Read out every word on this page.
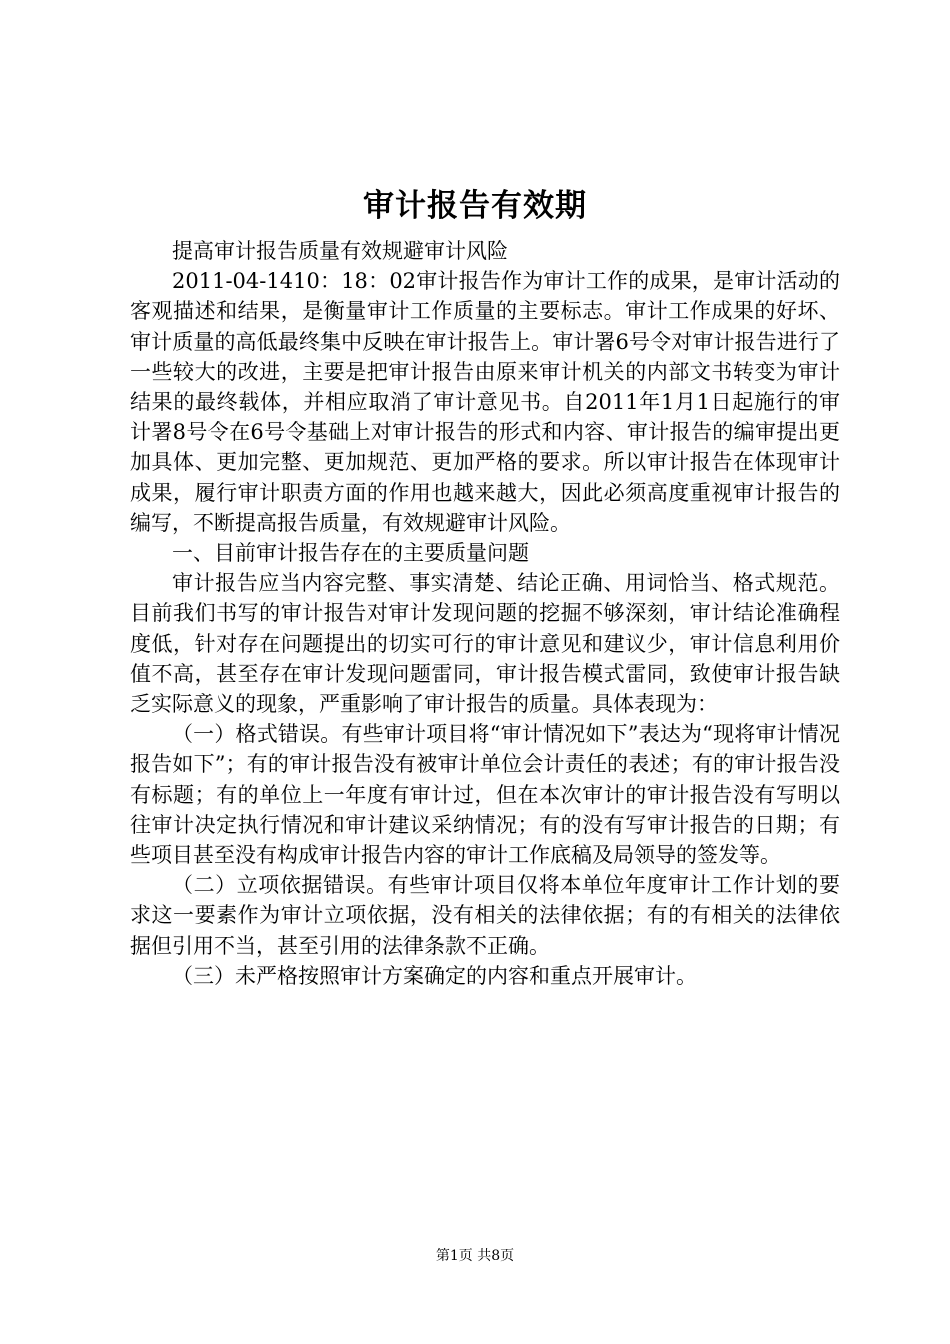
审计报告有效期

提高审计报告质量有效规避审计风险

2011-04-1410：18：02审计报告作为审计工作的成果，是审计活动的客观描述和结果，是衡量审计工作质量的主要标志。审计工作成果的好坏、审计质量的高低最终集中反映在审计报告上。审计署6号令对审计报告进行了一些较大的改进，主要是把审计报告由原来审计机关的内部文书转变为审计结果的最终载体，并相应取消了审计意见书。自2011年1月1日起施行的审计署8号令在6号令基础上对审计报告的形式和内容、审计报告的编审提出更加具体、更加完整、更加规范、更加严格的要求。所以审计报告在体现审计成果，履行审计职责方面的作用也越来越大，因此必须高度重视审计报告的编写，不断提高报告质量，有效规避审计风险。

一、目前审计报告存在的主要质量问题

审计报告应当内容完整、事实清楚、结论正确、用词恰当、格式规范。目前我们书写的审计报告对审计发现问题的挖掘不够深刻，审计结论准确程度低，针对存在问题提出的切实可行的审计意见和建议少，审计信息利用价值不高，甚至存在审计发现问题雷同，审计报告模式雷同，致使审计报告缺乏实际意义的现象，严重影响了审计报告的质量。具体表现为：

（一）格式错误。有些审计项目将“审计情况如下”表达为“现将审计情况报告如下”；有的审计报告没有被审计单位会计责任的表述；有的审计报告没有标题；有的单位上一年度有审计过，但在本次审计的审计报告没有写明以往审计决定执行情况和审计建议采纳情况；有的没有写审计报告的日期；有些项目甚至没有构成审计报告内容的审计工作底稿及局领导的签发等。

（二）立项依据错误。有些审计项目仅将本单位年度审计工作计划的要求这一要素作为审计立项依据，没有相关的法律依据；有的有相关的法律依据但引用不当，甚至引用的法律条款不正确。

（三）未严格按照审计方案确定的内容和重点开展审计。

第1页 共8页
